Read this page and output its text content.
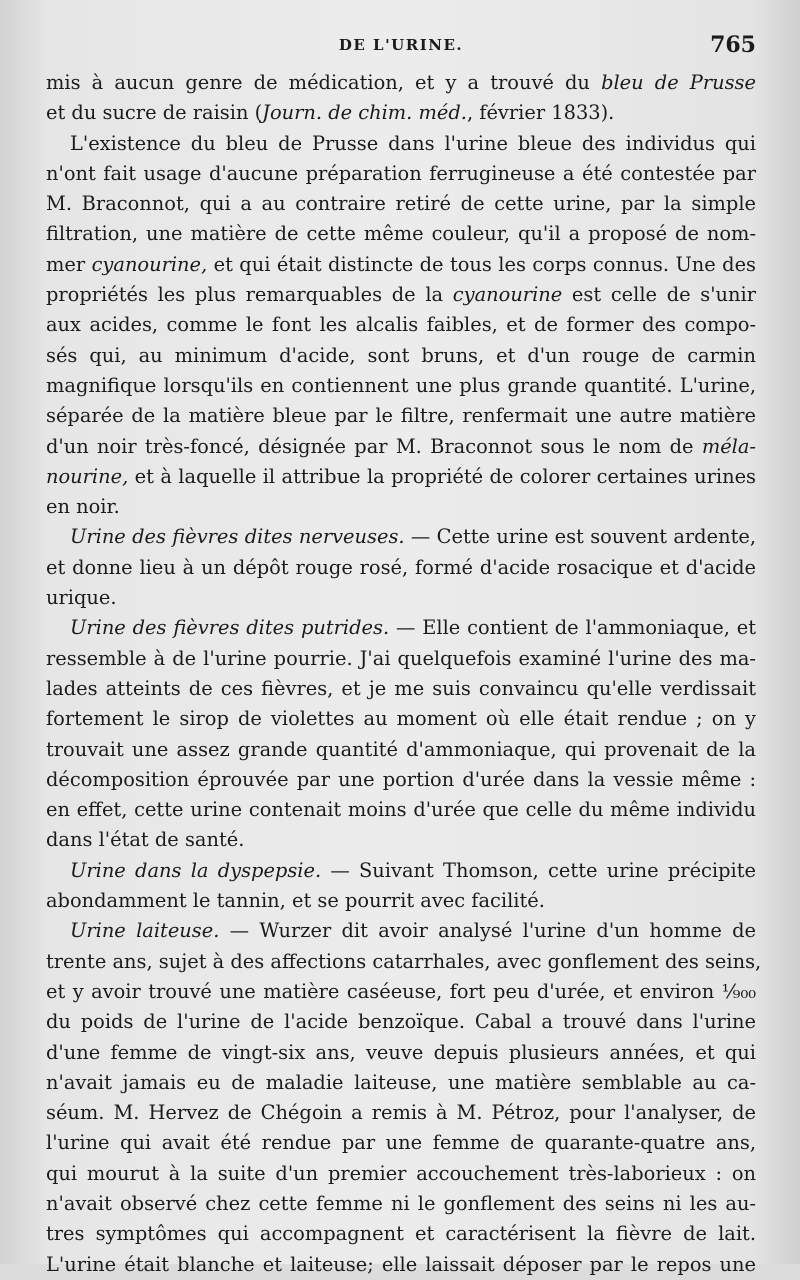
DE L'URINE.	765

mis à aucun genre de médication, et y a trouvé du bleu de Prusse
et du sucre de raisin (Journ. de chim. méd., février 1833).

L'existence du bleu de Prusse dans l'urine bleue des individus qui
n'ont fait usage d'aucune préparation ferrugineuse a été contestée par
M. Braconnot, qui a au contraire retiré de cette urine, par la simple
filtration, une matière de cette même couleur, qu'il a proposé de nom-
mer cyanourine, et qui était distincte de tous les corps connus. Une des
propriétés les plus remarquables de la cyanourine est celle de s'unir
aux acides, comme le font les alcalis faibles, et de former des compo-
sés qui, au minimum d'acide, sont bruns, et d'un rouge de carmin
magnifique lorsqu'ils en contiennent une plus grande quantité. L'urine,
séparée de la matière bleue par le filtre, renfermait une autre matière
d'un noir très-foncé, désignée par M. Braconnot sous le nom de méla-
nourine, et à laquelle il attribue la propriété de colorer certaines urines
en noir.

Urine des fièvres dites nerveuses. — Cette urine est souvent ardente,
et donne lieu à un dépôt rouge rosé, formé d'acide rosacique et d'acide
urique.

Urine des fièvres dites putrides. — Elle contient de l'ammoniaque, et
ressemble à de l'urine pourrie. J'ai quelquefois examiné l'urine des ma-
lades atteints de ces fièvres, et je me suis convaincu qu'elle verdissait
fortement le sirop de violettes au moment où elle était rendue ; on y
trouvait une assez grande quantité d'ammoniaque, qui provenait de la
décomposition éprouvée par une portion d'urée dans la vessie même :
en effet, cette urine contenait moins d'urée que celle du même individu
dans l'état de santé.

Urine dans la dyspepsie. — Suivant Thomson, cette urine précipite
abondamment le tannin, et se pourrit avec facilité.

Urine laiteuse. — Wurzer dit avoir analysé l'urine d'un homme de
trente ans, sujet à des affections catarrhales, avec gonflement des seins,
et y avoir trouvé une matière caséeuse, fort peu d'urée, et environ ¹⁄₉₀₀
du poids de l'urine de l'acide benzoïque. Cabal a trouvé dans l'urine
d'une femme de vingt-six ans, veuve depuis plusieurs années, et qui
n'avait jamais eu de maladie laiteuse, une matière semblable au ca-
séum. M. Hervez de Chégoin a remis à M. Pétroz, pour l'analyser, de
l'urine qui avait été rendue par une femme de quarante-quatre ans,
qui mourut à la suite d'un premier accouchement très-laborieux : on
n'avait observé chez cette femme ni le gonflement des seins ni les au-
tres symptômes qui accompagnent et caractérisent la fièvre de lait.
L'urine était blanche et laiteuse; elle laissait déposer par le repos une
